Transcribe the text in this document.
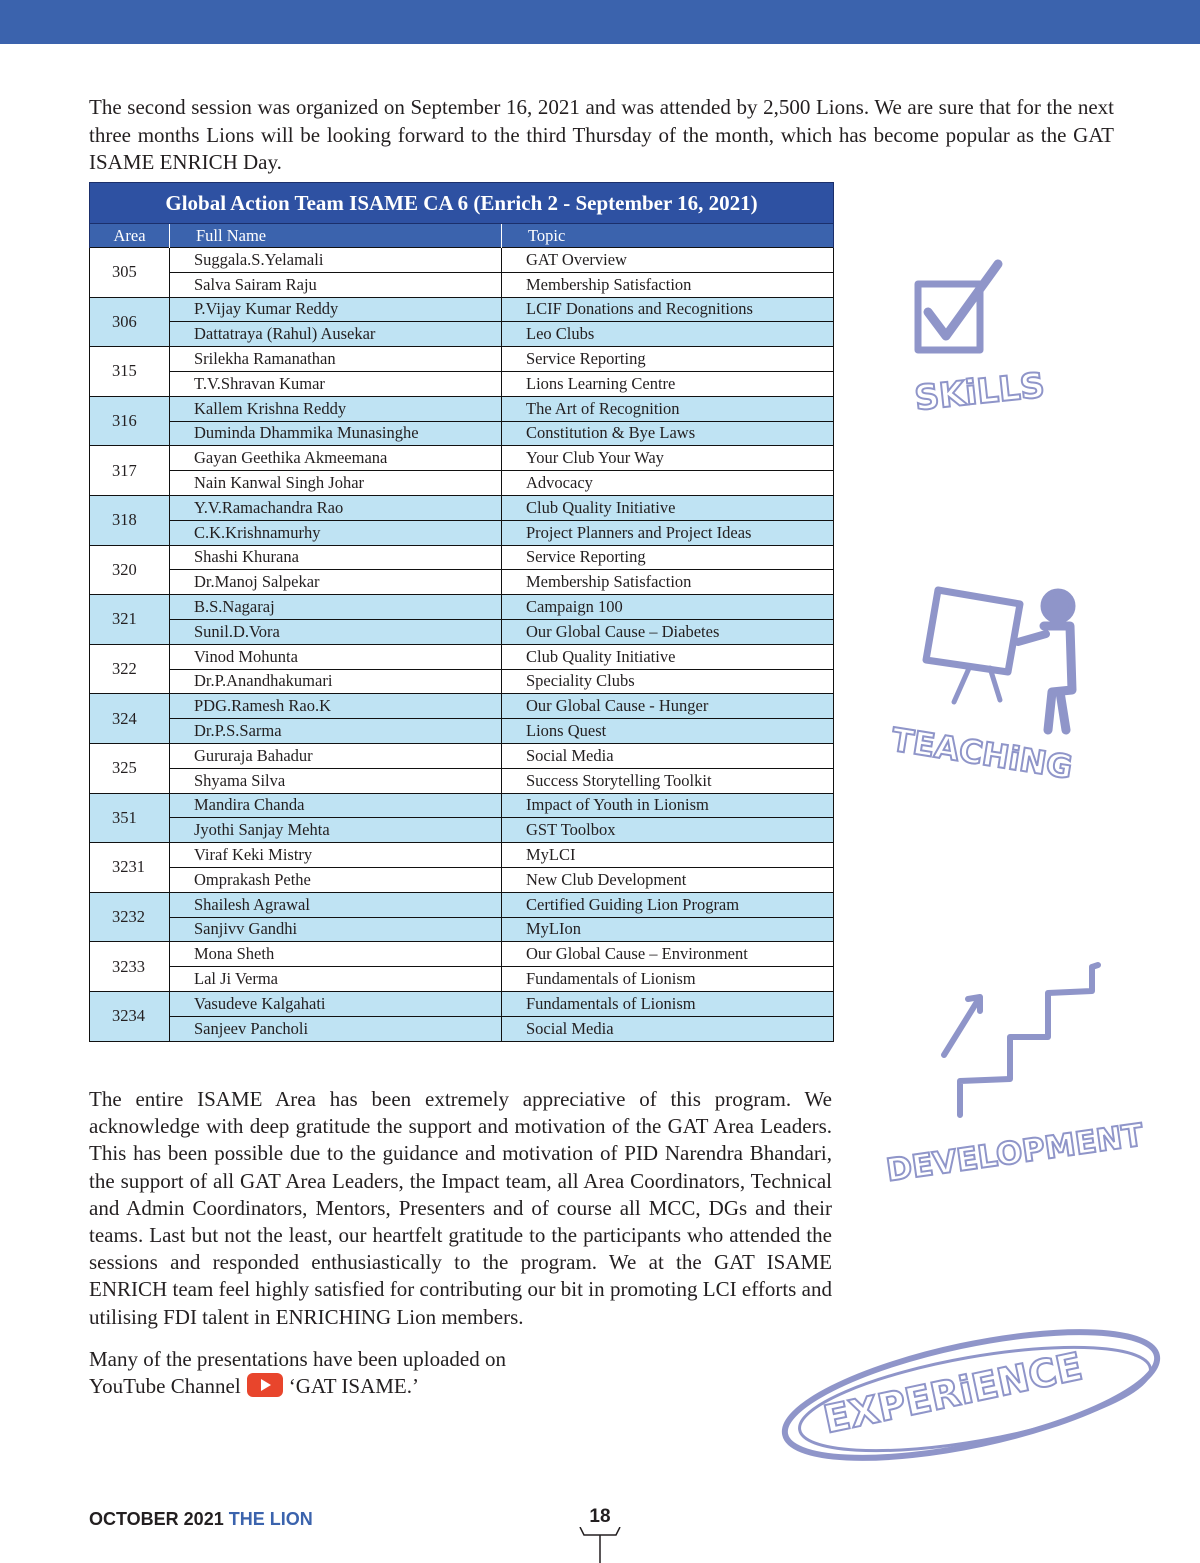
The second session was organized on September 16, 2021 and was attended by 2,500 Lions. We are sure that for the next three months Lions will be looking forward to the third Thursday of the month, which has become popular as the GAT ISAME ENRICH Day.

Global Action Team ISAME CA 6 (Enrich 2 - September 16, 2021)		
Area	Full Name	Topic
305	Suggala.S.Yelamali	GAT Overview
	Salva Sairam Raju	Membership Satisfaction
306	P.Vijay Kumar Reddy	LCIF Donations and Recognitions
	Dattatraya (Rahul) Ausekar	Leo Clubs
315	Srilekha Ramanathan	Service Reporting
	T.V.Shravan Kumar	Lions Learning Centre
316	Kallem Krishna Reddy	The Art of Recognition
	Duminda Dhammika Munasinghe	Constitution & Bye Laws
317	Gayan Geethika Akmeemana	Your Club Your Way
	Nain Kanwal Singh Johar	Advocacy
318	Y.V.Ramachandra Rao	Club Quality Initiative
	C.K.Krishnamurhy	Project Planners and Project Ideas
320	Shashi Khurana	Service Reporting
	Dr.Manoj Salpekar	Membership Satisfaction
321	B.S.Nagaraj	Campaign 100
	Sunil.D.Vora	Our Global Cause – Diabetes
322	Vinod Mohunta	Club Quality Initiative
	Dr.P.Anandhakumari	Speciality Clubs
324	PDG.Ramesh Rao.K	Our Global Cause - Hunger
	Dr.P.S.Sarma	Lions Quest
325	Gururaja Bahadur	Social Media
	Shyama Silva	Success Storytelling Toolkit
351	Mandira Chanda	Impact of Youth in Lionism
	Jyothi Sanjay Mehta	GST Toolbox
3231	Viraf Keki Mistry	MyLCI
	Omprakash Pethe	New Club Development
3232	Shailesh Agrawal	Certified Guiding Lion Program
	Sanjivv Gandhi	MyLIon
3233	Mona Sheth	Our Global Cause – Environment
	Lal Ji Verma	Fundamentals of Lionism
3234	Vasudeve Kalgahati	Fundamentals of Lionism
	Sanjeev Pancholi	Social Media

The entire ISAME Area has been extremely appreciative of this program. We acknowledge with deep gratitude the support and motivation of the GAT Area Leaders. This has been possible due to the guidance and motivation of PID Narendra Bhandari, the support of all GAT Area Leaders, the Impact team, all Area Coordinators, Technical and Admin Coordinators, Mentors, Presenters and of course all MCC, DGs and their teams. Last but not the least, our heartfelt gratitude to the participants who attended the sessions and responded enthusiastically to the program. We at the GAT ISAME ENRICH team feel highly satisfied for contributing our bit in promoting LCI efforts and utilising FDI talent in ENRICHING Lion members.

Many of the presentations have been uploaded on
YouTube Channel ‘GAT ISAME.’
SKiLLS
TEACHiNG
DEVELOPMENT
EXPERiENCE
OCTOBER 2021 THE LION	18
